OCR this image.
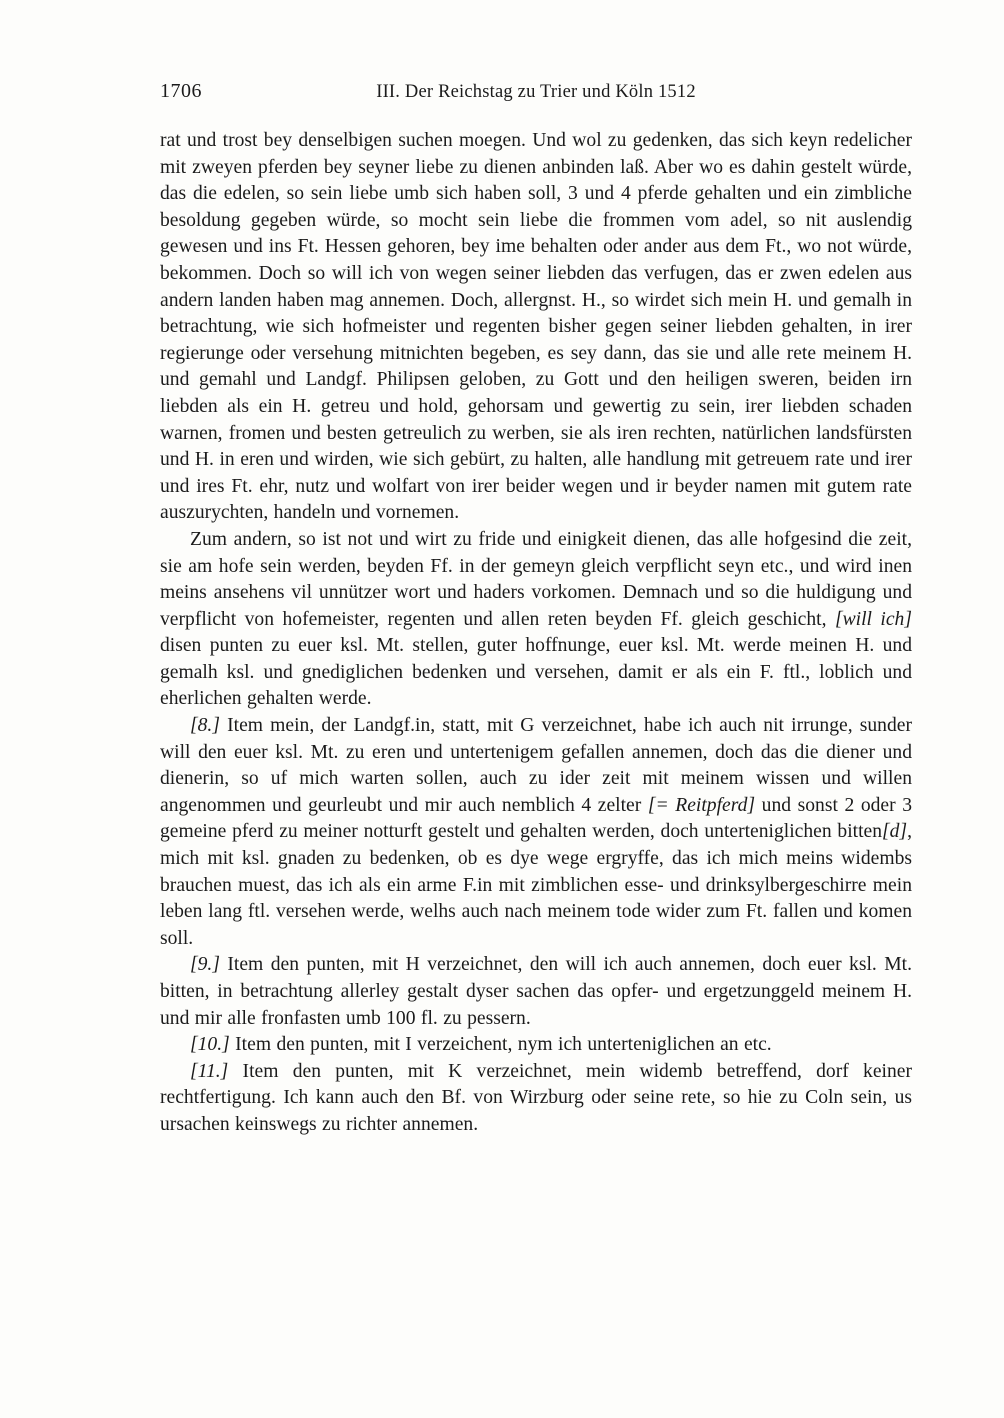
1706	III. Der Reichstag zu Trier und Köln 1512

rat und trost bey denselbigen suchen moegen. Und wol zu gedenken, das sich keyn redelicher mit zweyen pferden bey seyner liebe zu dienen anbinden laß. Aber wo es dahin gestelt würde, das die edelen, so sein liebe umb sich haben soll, 3 und 4 pferde gehalten und ein zimbliche besoldung gegeben würde, so mocht sein liebe die frommen vom adel, so nit auslendig gewesen und ins Ft. Hessen gehoren, bey ime behalten oder ander aus dem Ft., wo not würde, bekommen. Doch so will ich von wegen seiner liebden das verfugen, das er zwen edelen aus andern landen haben mag annemen. Doch, allergnst. H., so wirdet sich mein H. und gemalh in betrachtung, wie sich hofmeister und regenten bisher gegen seiner liebden gehalten, in irer regierunge oder versehung mitnichten begeben, es sey dann, das sie und alle rete meinem H. und gemahl und Landgf. Philipsen geloben, zu Gott und den heiligen sweren, beiden irn liebden als ein H. getreu und hold, gehorsam und gewertig zu sein, irer liebden schaden warnen, fromen und besten getreulich zu werben, sie als iren rechten, natürlichen landsfürsten und H. in eren und wirden, wie sich gebürt, zu halten, alle handlung mit getreuem rate und irer und ires Ft. ehr, nutz und wolfart von irer beider wegen und ir beyder namen mit gutem rate auszurychten, handeln und vornemen.

Zum andern, so ist not und wirt zu fride und einigkeit dienen, das alle hofgesind die zeit, sie am hofe sein werden, beyden Ff. in der gemeyn gleich verpflicht seyn etc., und wird inen meins ansehens vil unnützer wort und haders vorkomen. Demnach und so die huldigung und verpflicht von hofemeister, regenten und allen reten beyden Ff. gleich geschicht, [will ich] disen punten zu euer ksl. Mt. stellen, guter hoffnunge, euer ksl. Mt. werde meinen H. und gemalh ksl. und gnediglichen bedenken und versehen, damit er als ein F. ftl., loblich und eherlichen gehalten werde.

[8.] Item mein, der Landgf.in, statt, mit G verzeichnet, habe ich auch nit irrunge, sunder will den euer ksl. Mt. zu eren und untertenigem gefallen annemen, doch das die diener und dienerin, so uf mich warten sollen, auch zu ider zeit mit meinem wissen und willen angenommen und geurleubt und mir auch nemblich 4 zelter [= Reitpferd] und sonst 2 oder 3 gemeine pferd zu meiner notturft gestelt und gehalten werden, doch unterteniglichen bitten[d], mich mit ksl. gnaden zu bedenken, ob es dye wege ergryffe, das ich mich meins widembs brauchen muest, das ich als ein arme F.in mit zimblichen esse- und drinksylbergeschirre mein leben lang ftl. versehen werde, welhs auch nach meinem tode wider zum Ft. fallen und komen soll.

[9.] Item den punten, mit H verzeichnet, den will ich auch annemen, doch euer ksl. Mt. bitten, in betrachtung allerley gestalt dyser sachen das opfer- und ergetzunggeld meinem H. und mir alle fronfasten umb 100 fl. zu pessern.

[10.] Item den punten, mit I verzeichent, nym ich unterteniglichen an etc.

[11.] Item den punten, mit K verzeichnet, mein widemb betreffend, dorf keiner rechtfertigung. Ich kann auch den Bf. von Wirzburg oder seine rete, so hie zu Coln sein, us ursachen keinswegs zu richter annemen.
